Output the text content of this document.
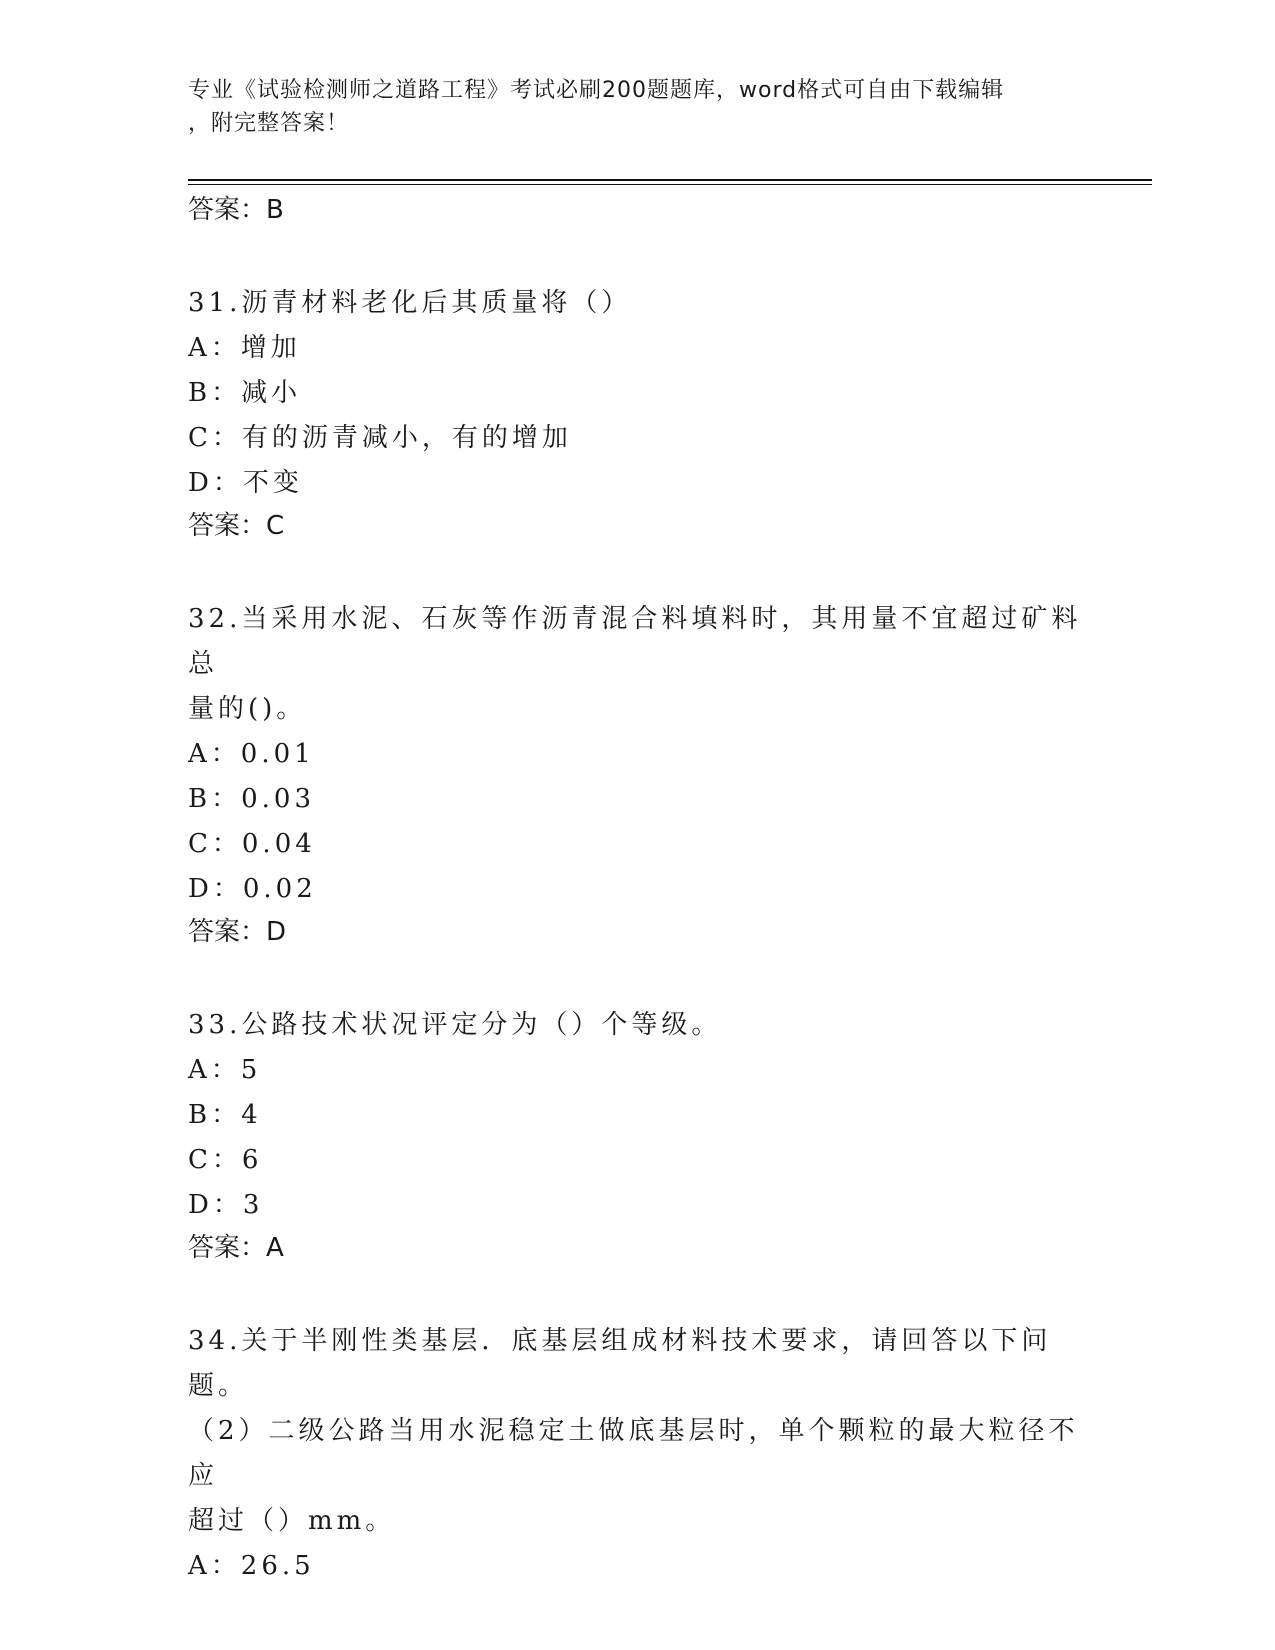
专业《试验检测师之道路工程》考试必刷200题题库，word格式可自由下载编辑
，附完整答案！
答案：B
31.沥青材料老化后其质量将（）
A：增加
B：减小
C：有的沥青减小，有的增加
D：不变
答案：C
32.当采用水泥、石灰等作沥青混合料填料时，其用量不宜超过矿料总
量的()。
A：0.01
B：0.03
C：0.04
D：0.02
答案：D
33.公路技术状况评定分为（）个等级。
A：5
B：4
C：6
D：3
答案：A
34.关于半刚性类基层．底基层组成材料技术要求，请回答以下问题。
（2）二级公路当用水泥稳定土做底基层时，单个颗粒的最大粒径不应
超过（）mm。
A：26.5
